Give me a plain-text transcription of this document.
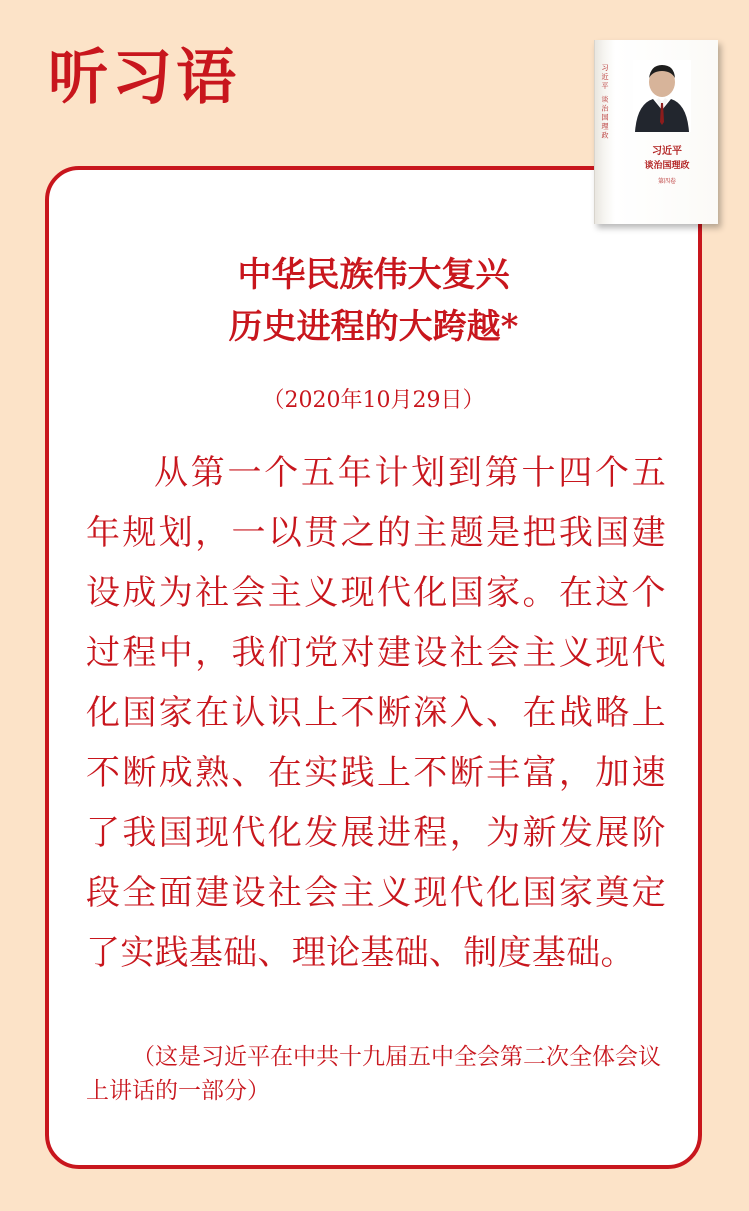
听习语	习近平 谈治国理政
习近平
谈治国理政
第四卷
中华民族伟大复兴
历史进程的大跨越*
（2020年10月29日）

从第一个五年计划到第十四个五年规划，一以贯之的主题是把我国建设成为社会主义现代化国家。在这个过程中，我们党对建设社会主义现代化国家在认识上不断深入、在战略上不断成熟、在实践上不断丰富，加速了我国现代化发展进程，为新发展阶段全面建设社会主义现代化国家奠定了实践基础、理论基础、制度基础。

（这是习近平在中共十九届五中全会第二次全体会议上讲话的一部分）
